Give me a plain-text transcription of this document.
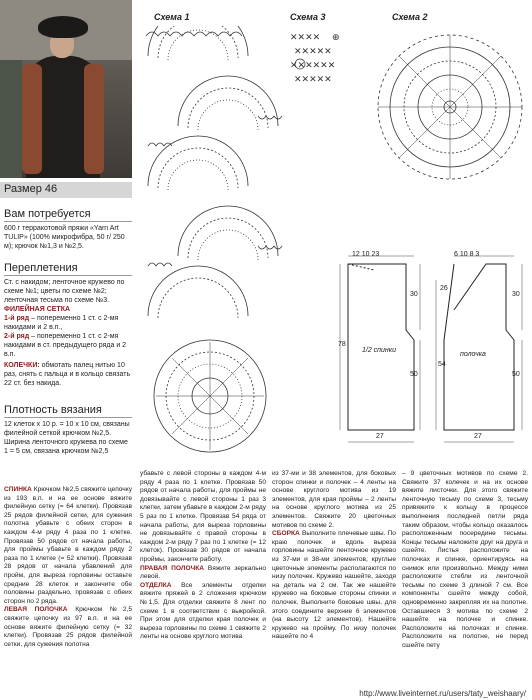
Размер 46
Вам потребуется
600 г терракотовой пряжи «Yarn Art TULIP» (100% микрофибра, 50 г/ 250 м); крючок №1,3 и №2,5.
Переплетения
Ст. с накидом; ленточное кружево по схеме №1; цветы по схеме №2; ленточная тесьма по схеме №3.
ФИЛЕЙНАЯ СЕТКА
1-й ряд – попеременно 1 ст. с 2-мя накидами и 2 в.п.,
2-й ряд – попеременно 1 ст. с 2-мя накидами в ст. предыдущего ряда и 2 в.п.
КОЛЕЧКИ: обмотать палец нитью 10 раз, снять с пальца и в кольцо связать 22 ст. без накида.
Плотность вязания
12 клеток х 10 р. = 10 х 10 см, связаны филейной сеткой крючком №2,5.
Ширина ленточного кружева по схеме 1 = 5 см, связана крючком №2,5
СПИНКА Крючком №2,5 свяжите цепочку из 193 в.п. и на ее основе вяжите филейную сетку (= 64 клетки). Провязав 25 рядов филейной сетки, для сужения полотна убавьте с обеих сторон в каждом 4-м ряду 4 раза по 1 клетке. Провязав 50 рядов от начала работы, для проймы убавьте в каждом ряду 2 раза по 1 клетке (= 52 клетки). Провязав 28 рядов от начала убавлений для пройм, для выреза горловины оставьте средние 28 клеток и закончите обе половины раздельно, провязав с обеих сторон по 2 ряда.
ЛЕВАЯ ПОЛОЧКА Крючком №2,5 свяжите цепочку из 97 в.п. и на ее основе вяжите филейную сетку (= 32 клетки). Провязав 25 рядов филейной сетки, для сужения полотна
Схема 1	Схема 3	Схема 2
✕✕✕✕ ⊕
✕✕✕✕✕
✕✕✕✕✕✕
✕✕✕✕✕
12 10 23
78
30
50
1/2 спинки
27
6 10 8 3
26
30
54
50
полочка
27
убавьте с левой стороны в каждом 4-м ряду 4 раза по 1 клетке. Провязав 50 рядов от начала работы, для проймы не довязывайте с левой стороны 1 раз 3 клетки, затем убавьте в каждом 2-м ряду 5 раз по 1 клетке. Провязав 54 ряда от начала работы, для выреза горловины не довязывайте с правой стороны в каждом 2-м ряду 7 раз по 1 клетке (= 12 клеток). Провязав 30 рядов от начала проймы, закончите работу.
ПРАВАЯ ПОЛОЧКА Вяжите зеркально левой.
ОТДЕЛКА Все элементы отделки вяжите пряжей в 2 сложения крючком №1,5. Для отделки свяжите 8 лент по схеме 1 в соответствии с выкройкой. При этом для отделки края полочек и выреза горловины по схеме 1 свяжите 2 ленты на основе круглого мотива
из 37-ми и 38 элементов, для боковых сторон спинки и полочек – 4 ленты на основе круглого мотива из 19 элементов, для края проймы – 2 ленты на основе круглого мотива из 25 элементов. Свяжите 20 цветочных мотивов по схеме 2.
СБОРКА Выполните плечевые швы. По краю полочек и вдоль выреза горловины нашейте ленточное кружево из 37-ми и 38-ми элементов, круглые цветочные элементы располагаются по низу полочек. Кружево нашейте, заходя на деталь на 2 см. Так же нашейте кружево на боковые стороны спинки и полочек. Выполните боковые швы, для этого соедините верхние 6 элементов (на высоту 12 элементов). Нашейте кружево на пройму. По низу полочек нашейте по 4
– 9 цветочных мотивов по схеме 2. Свяжите 37 колечек и на их основе вяжите листочки. Для этого свяжите ленточную тесьму по схеме 3, тесьму привяжите к кольцу в процессе выполнения последней петли ряда таким образом, чтобы кольцо оказалось расположенным посередине тесьмы. Концы тесьмы наложите друг на друга и сшейте. Листья расположите на полочках и спинке, ориентируясь на снимок или произвольно. Между ними расположите стебли из ленточной тесьмы по схеме 3 длиной 7 см. Все компоненты сшейте между собой, одновременно закрепляя их на полотне. Оставшиеся 3 мотива по схеме 2 нашейте на полочке и спинке. Расположите на полочках и спинке. Расположите на полотне, не перед сшейте пету
http://www.liveinternet.ru/users/taty_weishaary/
